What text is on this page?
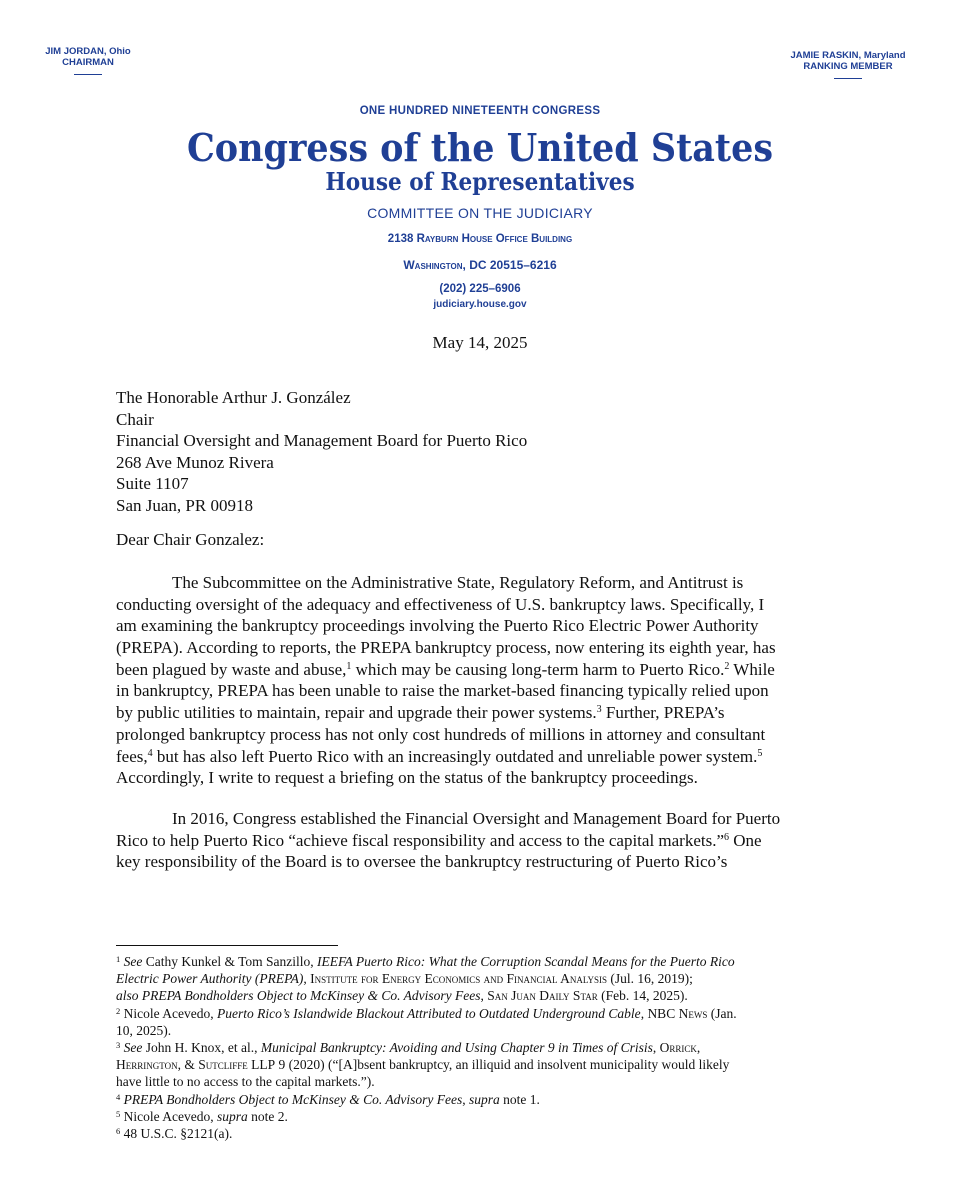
JIM JORDAN, Ohio
CHAIRMAN
JAMIE RASKIN, Maryland
RANKING MEMBER
ONE HUNDRED NINETEENTH CONGRESS
Congress of the United States
House of Representatives
COMMITTEE ON THE JUDICIARY
2138 Rayburn House Office Building
Washington, DC 20515–6216
(202) 225–6906
judiciary.house.gov
May 14, 2025
The Honorable Arthur J. González
Chair
Financial Oversight and Management Board for Puerto Rico
268 Ave Munoz Rivera
Suite 1107
San Juan, PR 00918
Dear Chair Gonzalez:
The Subcommittee on the Administrative State, Regulatory Reform, and Antitrust is
conducting oversight of the adequacy and effectiveness of U.S. bankruptcy laws. Specifically, I
am examining the bankruptcy proceedings involving the Puerto Rico Electric Power Authority
(PREPA). According to reports, the PREPA bankruptcy process, now entering its eighth year, has
been plagued by waste and abuse,$^1$ which may be causing long-term harm to Puerto Rico.$^2$ While
in bankruptcy, PREPA has been unable to raise the market-based financing typically relied upon
by public utilities to maintain, repair and upgrade their power systems.$^3$ Further, PREPA’s
prolonged bankruptcy process has not only cost hundreds of millions in attorney and consultant
fees,$^4$ but has also left Puerto Rico with an increasingly outdated and unreliable power system.$^5$
Accordingly, I write to request a briefing on the status of the bankruptcy proceedings.
In 2016, Congress established the Financial Oversight and Management Board for Puerto
Rico to help Puerto Rico “achieve fiscal responsibility and access to the capital markets.”$^6$ One
key responsibility of the Board is to oversee the bankruptcy restructuring of Puerto Rico’s
$^1$ See Cathy Kunkel & Tom Sanzillo, IEEFA Puerto Rico: What the Corruption Scandal Means for the Puerto Rico
Electric Power Authority (PREPA), Institute for Energy Economics and Financial Analysis (Jul. 16, 2019);
also PREPA Bondholders Object to McKinsey & Co. Advisory Fees, San Juan Daily Star (Feb. 14, 2025).
$^2$ Nicole Acevedo, Puerto Rico’s Islandwide Blackout Attributed to Outdated Underground Cable, NBC News (Jan.
10, 2025).
$^3$ See John H. Knox, et al., Municipal Bankruptcy: Avoiding and Using Chapter 9 in Times of Crisis, Orrick,
Herrington, & Sutcliffe LLP 9 (2020) (“[A]bsent bankruptcy, an illiquid and insolvent municipality would likely
have little to no access to the capital markets.”).
$^4$ PREPA Bondholders Object to McKinsey & Co. Advisory Fees, supra note 1.
$^5$ Nicole Acevedo, supra note 2.
$^6$ 48 U.S.C. §2121(a).
